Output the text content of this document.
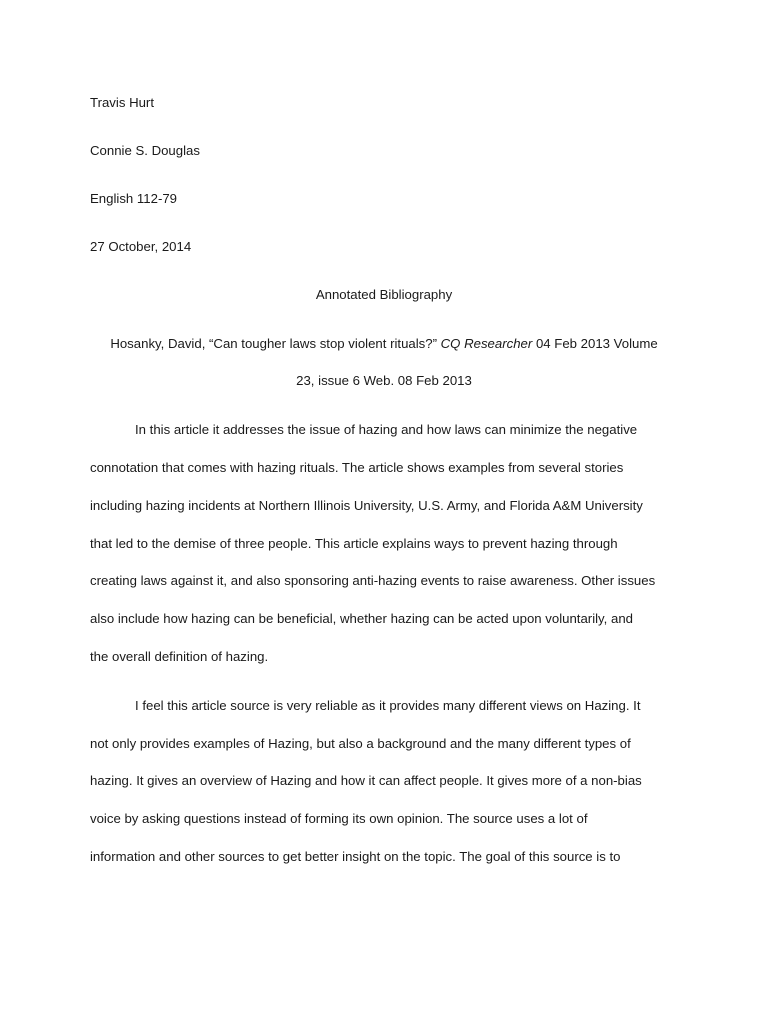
Travis Hurt
Connie S. Douglas
English 112-79
27 October, 2014
Annotated Bibliography
Hosanky, David, “Can tougher laws stop violent rituals?” CQ Researcher 04 Feb 2013 Volume
23, issue 6 Web. 08 Feb 2013
In this article it addresses the issue of hazing and how laws can minimize the negative
connotation that comes with hazing rituals. The article shows examples from several stories
including hazing incidents at Northern Illinois University, U.S. Army, and Florida A&M University
that led to the demise of three people. This article explains ways to prevent hazing through
creating laws against it, and also sponsoring anti-hazing events to raise awareness. Other issues
also include how hazing can be beneficial, whether hazing can be acted upon voluntarily, and
the overall definition of hazing.
I feel this article source is very reliable as it provides many different views on Hazing. It
not only provides examples of Hazing, but also a background and the many different types of
hazing. It gives an overview of Hazing and how it can affect people. It gives more of a non-bias
voice by asking questions instead of forming its own opinion. The source uses a lot of
information and other sources to get better insight on the topic. The goal of this source is to
